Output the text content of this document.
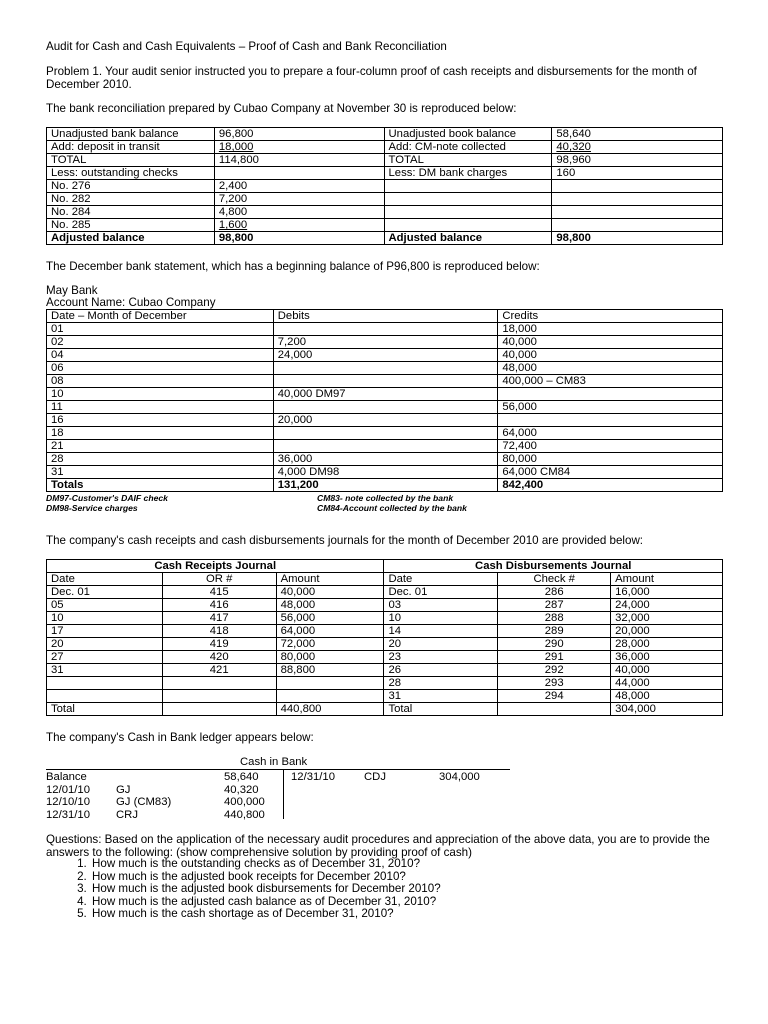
Audit for Cash and Cash Equivalents – Proof of Cash and Bank Reconciliation

Problem 1. Your audit senior instructed you to prepare a four-column proof of cash receipts and disbursements for the month of December 2010.

The bank reconciliation prepared by Cubao Company at November 30 is reproduced below:

Unadjusted bank balance	96,800	Unadjusted book balance	58,640
Add: deposit in transit	18,000	Add: CM-note collected	40,320
TOTAL	114,800	TOTAL	98,960
Less: outstanding checks		Less: DM bank charges	160
No. 276	2,400		
No. 282	7,200		
No. 284	4,800		
No. 285	1,600		
Adjusted balance	98,800	Adjusted balance	98,800

The December bank statement, which has a beginning balance of P96,800 is reproduced below:

May Bank

Account Name: Cubao Company

Date – Month of December	Debits	Credits
01		18,000
02	7,200	40,000
04	24,000	40,000
06		48,000
08		400,000 – CM83
10	40,000 DM97	
11		56,000
16	20,000	
18		64,000
21		72,400
28	36,000	80,000
31	4,000 DM98	64,000 CM84
Totals	131,200	842,400
DM97-Customer's DAIF check
DM98-Service charges
CM83- note collected by the bank
CM84-Account collected by the bank

The company's cash receipts and cash disbursements journals for the month of December 2010 are provided below:

Cash Receipts Journal			Cash Disbursements Journal		
Date	OR #	Amount	Date	Check #	Amount
Dec. 01	415	40,000	Dec. 01	286	16,000
05	416	48,000	03	287	24,000
10	417	56,000	10	288	32,000
17	418	64,000	14	289	20,000
20	419	72,000	20	290	28,000
27	420	80,000	23	291	36,000
31	421	88,800	26	292	40,000
			28	293	44,000
			31	294	48,000
Total		440,800	Total		304,000

The company's Cash in Bank ledger appears below:

Cash in Bank
Balance	58,640
12/01/10 GJ	40,320
12/10/10 GJ (CM83)	400,000
12/31/10 CRJ	440,800
12/31/10	CDJ	304,000

Questions: Based on the application of the necessary audit procedures and appreciation of the above data, you are to provide the answers to the following: (show comprehensive solution by providing proof of cash)

1. How much is the outstanding checks as of December 31, 2010?
2. How much is the adjusted book receipts for December 2010?
3. How much is the adjusted book disbursements for December 2010?
4. How much is the adjusted cash balance as of December 31, 2010?
5. How much is the cash shortage as of December 31, 2010?
